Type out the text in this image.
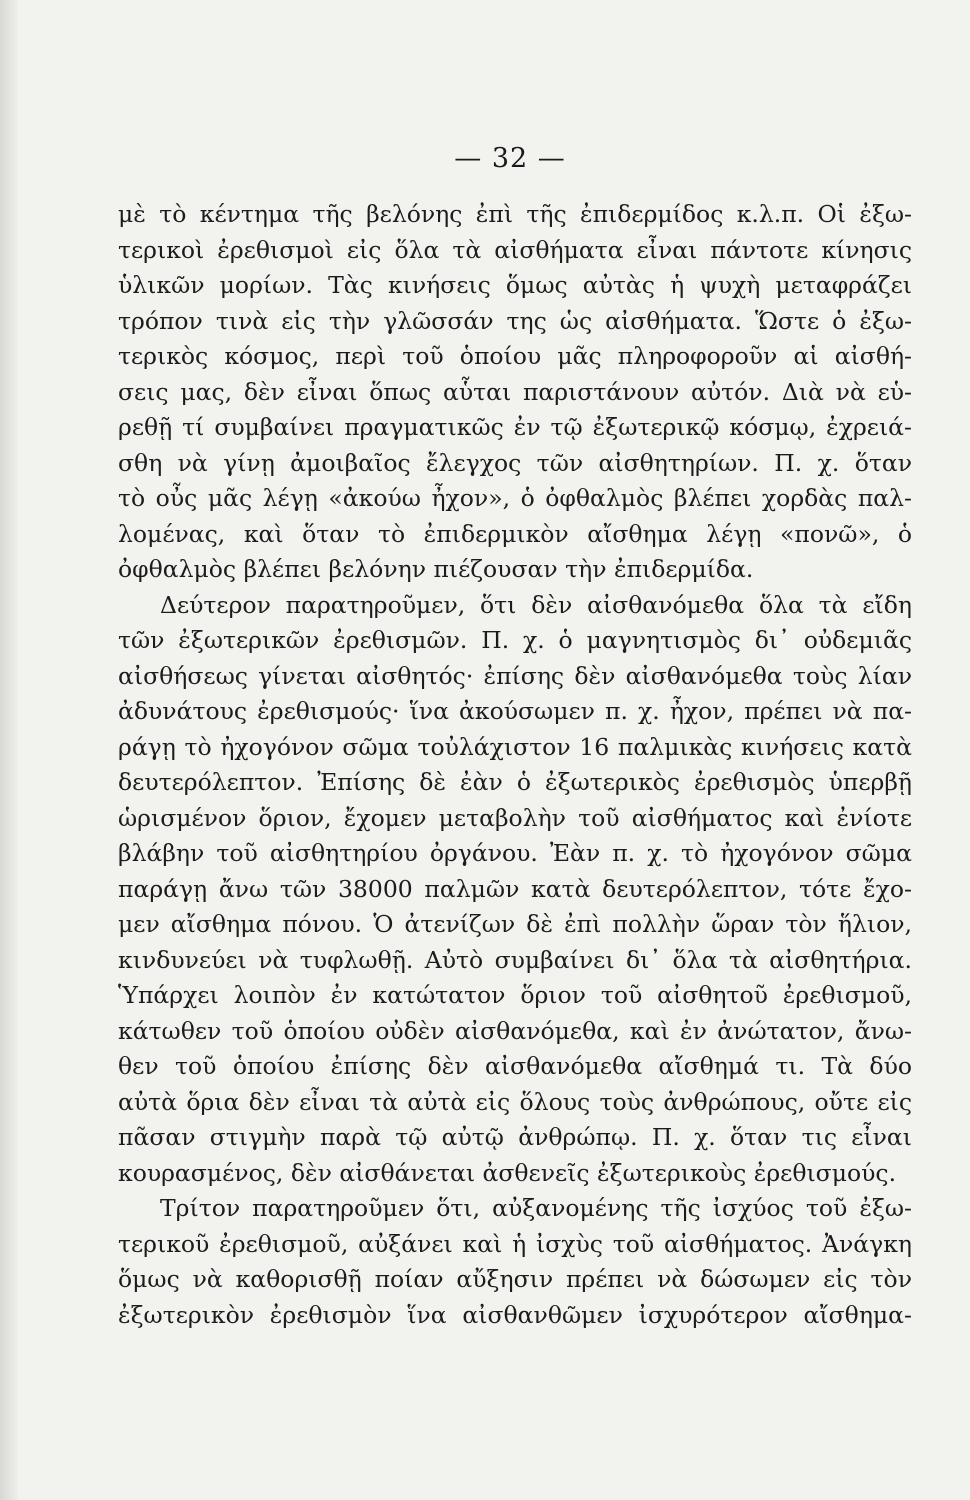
— 32 —
μὲ τὸ κέντημα τῆς βελόνης ἐπὶ τῆς ἐπιδερμίδος κ.λ.π. Οἱ ἐξω-
τερικοὶ ἐρεθισμοὶ εἰς ὅλα τὰ αἰσθήματα εἶναι πάντοτε κίνησις
ὑλικῶν μορίων. Τὰς κινήσεις ὅμως αὐτὰς ἡ ψυχὴ μεταφράζει
τρόπον τινὰ εἰς τὴν γλῶσσάν της ὡς αἰσθήματα. Ὥστε ὁ ἐξω-
τερικὸς κόσμος, περὶ τοῦ ὁποίου μᾶς πληροφοροῦν αἱ αἰσθή-
σεις μας, δὲν εἶναι ὅπως αὗται παριστάνουν αὐτόν. Διὰ νὰ εὑ-
ρεθῇ τί συμβαίνει πραγματικῶς ἐν τῷ ἐξωτερικῷ κόσμῳ, ἐχρειά-
σθη νὰ γίνῃ ἀμοιβαῖος ἔλεγχος τῶν αἰσθητηρίων. Π. χ. ὅταν
τὸ οὖς μᾶς λέγῃ «ἀκούω ἦχον», ὁ ὀφθαλμὸς βλέπει χορδὰς παλ-
λομένας, καὶ ὅταν τὸ ἐπιδερμικὸν αἴσθημα λέγῃ «πονῶ», ὁ
ὀφθαλμὸς βλέπει βελόνην πιέζουσαν τὴν ἐπιδερμίδα.
Δεύτερον παρατηροῦμεν, ὅτι δὲν αἰσθανόμεθα ὅλα τὰ εἴδη
τῶν ἐξωτερικῶν ἐρεθισμῶν. Π. χ. ὁ μαγνητισμὸς δι᾽ οὐδεμιᾶς
αἰσθήσεως γίνεται αἰσθητός· ἐπίσης δὲν αἰσθανόμεθα τοὺς λίαν
ἀδυνάτους ἐρεθισμούς· ἵνα ἀκούσωμεν π. χ. ἦχον, πρέπει νὰ πα-
ράγῃ τὸ ἠχογόνον σῶμα τοὐλάχιστον 16 παλμικὰς κινήσεις κατὰ
δευτερόλεπτον. Ἐπίσης δὲ ἐὰν ὁ ἐξωτερικὸς ἐρεθισμὸς ὑπερβῇ
ὡρισμένον ὅριον, ἔχομεν μεταβολὴν τοῦ αἰσθήματος καὶ ἐνίοτε
βλάβην τοῦ αἰσθητηρίου ὀργάνου. Ἐὰν π. χ. τὸ ἠχογόνον σῶμα
παράγῃ ἄνω τῶν 38000 παλμῶν κατὰ δευτερόλεπτον, τότε ἔχο-
μεν αἴσθημα πόνου. Ὁ ἀτενίζων δὲ ἐπὶ πολλὴν ὥραν τὸν ἥλιον,
κινδυνεύει νὰ τυφλωθῇ. Αὐτὸ συμβαίνει δι᾽ ὅλα τὰ αἰσθητήρια.
Ὑπάρχει λοιπὸν ἐν κατώτατον ὅριον τοῦ αἰσθητοῦ ἐρεθισμοῦ,
κάτωθεν τοῦ ὁποίου οὐδὲν αἰσθανόμεθα, καὶ ἐν ἀνώτατον, ἄνω-
θεν τοῦ ὁποίου ἐπίσης δὲν αἰσθανόμεθα αἴσθημά τι. Τὰ δύο
αὐτὰ ὅρια δὲν εἶναι τὰ αὐτὰ εἰς ὅλους τοὺς ἀνθρώπους, οὔτε εἰς
πᾶσαν στιγμὴν παρὰ τῷ αὐτῷ ἀνθρώπῳ. Π. χ. ὅταν τις εἶναι
κουρασμένος, δὲν αἰσθάνεται ἀσθενεῖς ἐξωτερικοὺς ἐρεθισμούς.
Τρίτον παρατηροῦμεν ὅτι, αὐξανομένης τῆς ἰσχύος τοῦ ἐξω-
τερικοῦ ἐρεθισμοῦ, αὐξάνει καὶ ἡ ἰσχὺς τοῦ αἰσθήματος. Ἀνάγκη
ὅμως νὰ καθορισθῇ ποίαν αὔξησιν πρέπει νὰ δώσωμεν εἰς τὸν
ἐξωτερικὸν ἐρεθισμὸν ἵνα αἰσθανθῶμεν ἰσχυρότερον αἴσθημα-
